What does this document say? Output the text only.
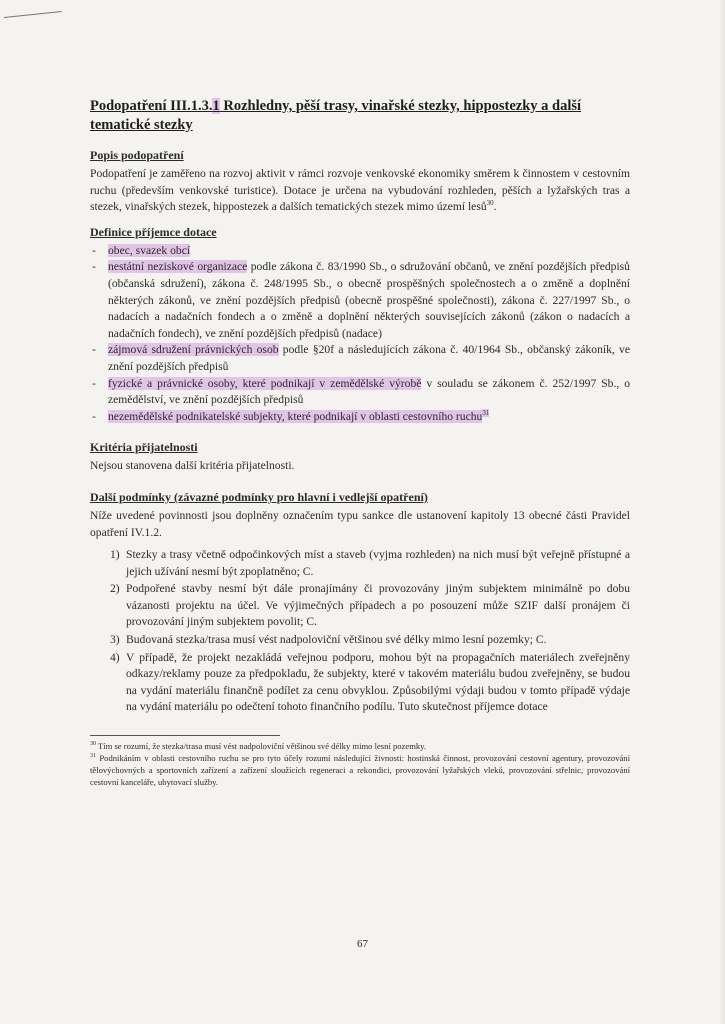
Podopatření III.1.3.1 Rozhledny, pěší trasy, vinařské stezky, hippostezky a další tematické stezky
Popis podopatření

Podopatření je zaměřeno na rozvoj aktivit v rámci rozvoje venkovské ekonomiky směrem k činnostem v cestovním ruchu (především venkovské turistice). Dotace je určena na vybudování rozhleden, pěších a lyžařských tras a stezek, vinařských stezek, hippostezek a dalších tematických stezek mimo území lesů$^{30}$.

Definice příjemce dotace
- obec, svazek obcí
- nestátní neziskové organizace podle zákona č. 83/1990 Sb., o sdružování občanů, ve znění pozdějších předpisů (občanská sdružení), zákona č. 248/1995 Sb., o obecně prospěšných společnostech a o změně a doplnění některých zákonů, ve znění pozdějších předpisů (obecně prospěšné společnosti), zákona č. 227/1997 Sb., o nadacích a nadačních fondech a o změně a doplnění některých souvisejících zákonů (zákon o nadacích a nadačních fondech), ve znění pozdějších předpisů (nadace)
- zájmová sdružení právnických osob podle §20f a následujících zákona č. 40/1964 Sb., občanský zákoník, ve znění pozdějších předpisů
- fyzické a právnické osoby, které podnikají v zemědělské výrobě v souladu se zákonem č. 252/1997 Sb., o zemědělství, ve znění pozdějších předpisů
- nezemědělské podnikatelské subjekty, které podnikají v oblasti cestovního ruchu$^{31}$
Kritéria přijatelnosti

Nejsou stanovena další kritéria přijatelnosti.

Další podmínky (závazné podmínky pro hlavní i vedlejší opatření)

Níže uvedené povinnosti jsou doplněny označením typu sankce dle ustanovení kapitoly 13 obecné části Pravidel opatření IV.1.2.

1) Stezky a trasy včetně odpočinkových míst a staveb (vyjma rozhleden) na nich musí být veřejně přístupné a jejich užívání nesmí být zpoplatněno; C.
2) Podpořené stavby nesmí být dále pronajímány či provozovány jiným subjektem minimálně po dobu vázanosti projektu na účel. Ve výjimečných případech a po posouzení může SZIF další pronájem či provozování jiným subjektem povolit; C.
3) Budovaná stezka/trasa musí vést nadpoloviční většinou své délky mimo lesní pozemky; C.
4) V případě, že projekt nezakládá veřejnou podporu, mohou být na propagačních materiálech zveřejněny odkazy/reklamy pouze za předpokladu, že subjekty, které v takovém materiálu budou zveřejněny, se budou na vydání materiálu finančně podílet za cenu obvyklou. Způsobilými výdaji budou v tomto případě výdaje na vydání materiálu po odečtení tohoto finančního podílu. Tuto skutečnost příjemce dotace

$^{30}$ Tím se rozumí, že stezka/trasa musí vést nadpoloviční většinou své délky mimo lesní pozemky.

$^{31}$ Podnikáním v oblasti cestovního ruchu se pro tyto účely rozumí následující živnosti: hostinská činnost, provozování cestovní agentury, provozování tělovýchovných a sportovních zařízení a zařízení sloužících regeneraci a rekondici, provozování lyžařských vleků, provozování střelnic, provozování cestovní kanceláře, ubytovací služby.

67
